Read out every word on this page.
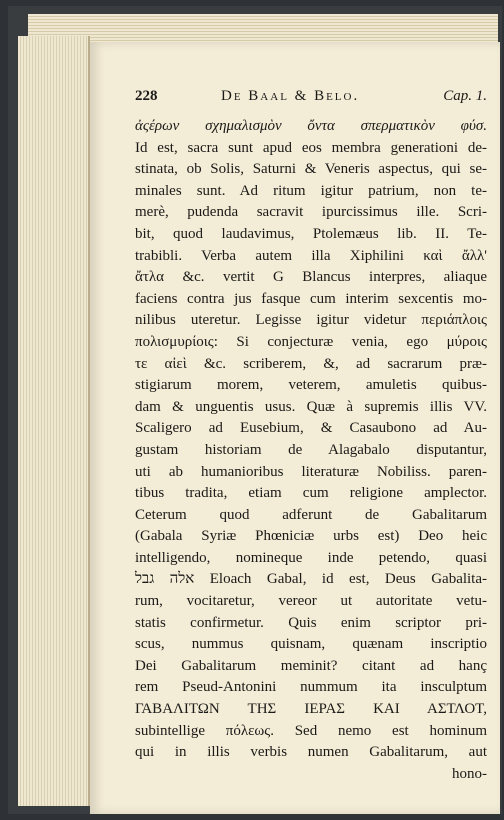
228	De Baal & Belo.	Cap. 1.
ἀςέρων σχημαλισμὸν ὄντα σπερματικὸν φύσ.
Id est, sacra sunt apud eos membra generationi de-
stinata, ob Solis, Saturni & Veneris aspectus, qui se-
minales sunt. Ad ritum igitur patrium, non te-
merè, pudenda sacravit ipurcissimus ille. Scri-
bit, quod laudavimus, Ptolemæus lib. II. Te-
trabibli. Verba autem illa Xiphilini καὶ ἄλλ'
ἄτλα &c. vertit G Blancus interpres, aliaque
faciens contra jus fasque cum interim sexcentis mo-
nilibus uteretur. Legisse igitur videtur περιάπλοις
πολισμυρίοις: Si conjecturæ venia, ego μύροις
τε αἰεὶ &c. scriberem, &, ad sacrarum præ-
stigiarum morem, veterem, amuletis quibus-
dam & unguentis usus. Quæ à supremis illis VV.
Scaligero ad Eusebium, & Casaubono ad Au-
gustam historiam de Alagabalo disputantur,
uti ab humanioribus literaturæ Nobiliss. paren-
tibus tradita, etiam cum religione amplector.
Ceterum quod adferunt de Gabalitarum
(Gabala Syriæ Phœniciæ urbs est) Deo heic
intelligendo, nomineque inde petendo, quasi
אלה גבל Eloach Gabal, id est, Deus Gabalita-
rum, vocitaretur, vereor ut autoritate vetu-
statis confirmetur. Quis enim scriptor pri-
scus, nummus quisnam, quænam inscriptio
Dei Gabalitarum meminit? citant ad hanç
rem Pseud-Antonini nummum ita insculptum
ΓΑΒΑΛΙΤΩΝ ΤΗΣ ΙΕΡΑΣ ΚΑΙ ΑΣΤΛΟΤ,
subintellige πόλεως. Sed nemo est hominum
qui in illis verbis numen Gabalitarum, aut
hono-
